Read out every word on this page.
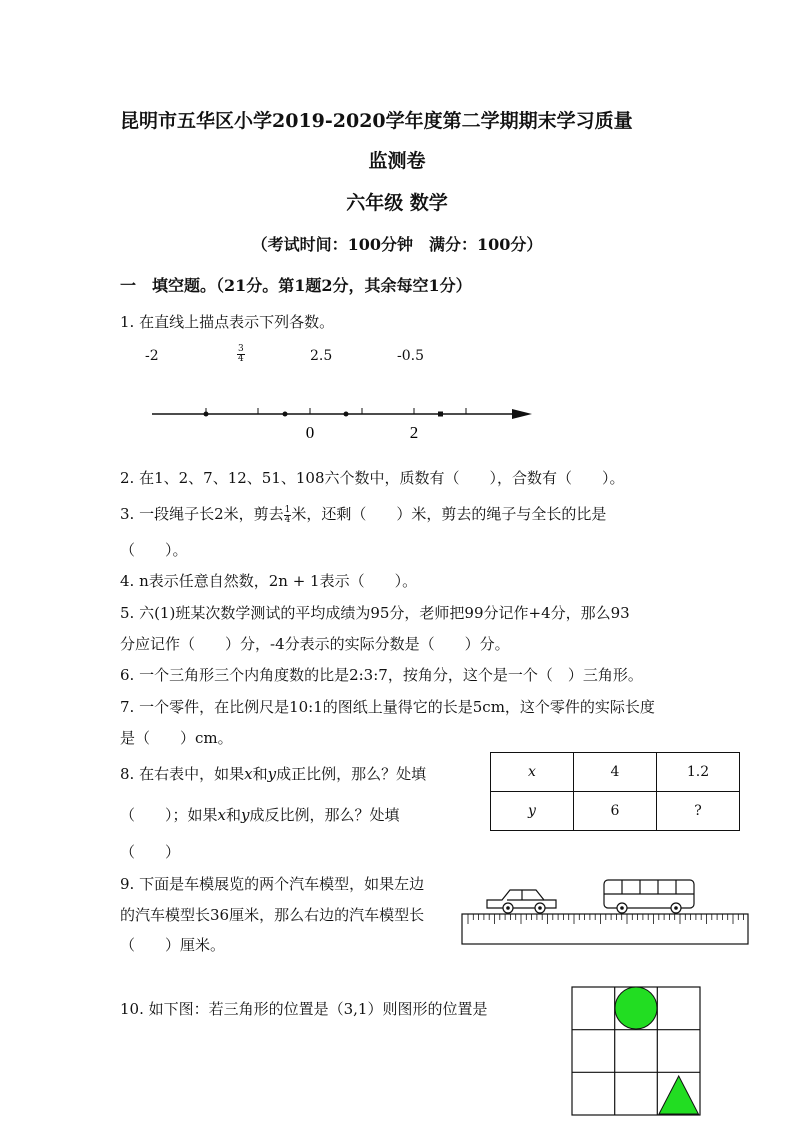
昆明市五华区小学2019-2020学年度第二学期期末学习质量
监测卷
六年级 数学
（考试时间：100分钟　满分：100分）
一　填空题。（21分。第1题2分，其余每空1分）
1. 在直线上描点表示下列各数。
-2	$\frac{3}{4}$	2.5	-0.5
0	2
2. 在1、2、7、12、51、108六个数中，质数有（　　），合数有（　　）。
3. 一段绳子长2米，剪去 $\frac{1}{4}$ 米，还剩（　　）米，剪去的绳子与全长的比是
（　　）。
4. n表示任意自然数，2n + 1表示（　　）。
5. 六(1)班某次数学测试的平均成绩为95分，老师把99分记作+4分，那么93
分应记作（　　）分，-4分表示的实际分数是（　　）分。
6. 一个三角形三个内角度数的比是2:3:7，按角分，这个是一个（　）三角形。
7. 一个零件，在比例尺是10:1的图纸上量得它的长是5cm，这个零件的实际长度
是（　　）cm。
8. 在右表中，如果x和y成正比例，那么？处填
（　　）；如果x和y成反比例，那么？处填
（　　）
x	4	1.2
y	6	?
9. 下面是车模展览的两个汽车模型，如果左边
的汽车模型长36厘米，那么右边的汽车模型长
（　　）厘米。
10. 如下图：若三角形的位置是（3,1）则图形的位置是
